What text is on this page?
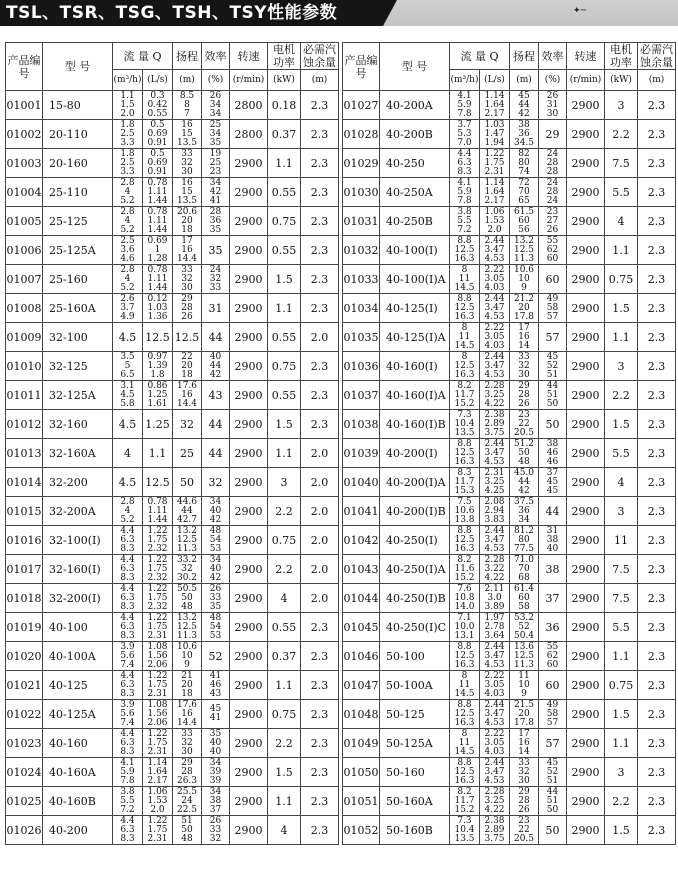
TSL、TSR、TSG、TSH、TSY性能参数	✦─
产品编号	型 号	流 量 Q		扬程	效率	转速	电机功率	必需汽蚀余量
		(m³/h)	(L/s)	(m)	(%)	(r/min)	(kW)	(m)
01001	15-80	1.1
1.5
2.0	0.3
0.42
0.55	8.5
8
7	26
34
34	2800	0.18	2.3
01002	20-110	1.8
2.5
3.3	0.5
0.69
0.91	16
15
13.5	25
34
35	2800	0.37	2.3
01003	20-160	1.8
2.5
3.3	0.5
0.69
0.91	33
32
30	19
25
23	2900	1.1	2.3
01004	25-110	2.8
4
5.2	0.78
1.11
1.44	16
15
13.5	34
42
41	2900	0.55	2.3
01005	25-125	2.8
4
5.2	0.78
1.11
1.44	20.6
20
18	28
36
35	2900	0.75	2.3
01006	25-125A	2.5
3.6
4.6	0.69
1
1.28	17
16
14.4	35	2900	0.55	2.3
01007	25-160	2.8
4
5.2	0.78
1.11
1.44	33
32
30	24
32
33	2900	1.5	2.3
01008	25-160A	2.6
3.7
4.9	0.12
1.03
1.36	29
28
26	31	2900	1.1	2.3
01009	32-100	4.5	12.5	12.5	44	2900	0.55	2.0
01010	32-125	3.5
5
6.5	0.97
1.39
1.8	22
20
18	40
44
42	2900	0.75	2.3
01011	32-125A	3.1
4.5
5.8	0.86
1.25
1.61	17.6
16
14.4	43	2900	0.55	2.3
01012	32-160	4.5	1.25	32	44	2900	1.5	2.3
01013	32-160A	4	1.1	25	44	2900	1.1	2.0
01014	32-200	4.5	12.5	50	32	2900	3	2.0
01015	32-200A	2.8
4
5.2	0.78
1.11
1.44	44.6
44
42.7	34
40
42	2900	2.2	2.0
01016	32-100(I)	4.4
6.3
8.3	1.22
1.75
2.32	13.2
12.5
11.3	48
54
53	2900	0.75	2.0
01017	32-160(I)	4.4
6.3
8.3	1.22
1.75
2.32	33.2
32
30.2	34
40
42	2900	2.2	2.0
01018	32-200(I)	4.4
6.3
8.3	1.22
1.75
2.32	50.5
50
48	26
33
35	2900	4	2.0
01019	40-100	4.4
6.3
8.3	1.22
1.75
2.31	13.2
12.5
11.3	48
54
53	2900	0.55	2.3
01020	40-100A	3.9
5.6
7.4	1.08
1.56
2.06	10.6
10
9	52	2900	0.37	2.3
01021	40-125	4.4
6.3
8.3	1.22
1.75
2.31	21
20
18	41
46
43	2900	1.1	2.3
01022	40-125A	3.9
5.6
7.4	1.08
1.56
2.06	17.6
16
14.4	45
41	2900	0.75	2.3
01023	40-160	4.4
6.3
8.3	1.22
1.75
2.31	33
32
30	35
40
40	2900	2.2	2.3
01024	40-160A	4.1
5.9
7.8	1.14
1.64
2.17	29
28
26.3	34
39
39	2900	1.5	2.3
01025	40-160B	3.8
5.5
7.2	1.06
1.53
2.0	25.5
24
22.5	34
38
37	2900	1.1	2.3
01026	40-200	4.4
6.3
8.3	1.22
1.75
2.31	51
50
48	26
33
32	2900	4	2.3
产品编号	型 号	流 量 Q		扬程	效率	转速	电机功率	必需汽蚀余量
		(m³/h)	(L/s)	(m)	(%)	(r/min)	(kW)	(m)
01027	40-200A	4.1
5.9
7.8	1.14
1.64
2.17	45
44
42	26
31
30	2900	3	2.3
01028	40-200B	3.7
5.3
7.0	1.03
1.47
1.94	38
36
34.5	29	2900	2.2	2.3
01029	40-250	4.4
6.3
8.3	1.22
1.75
2.31	82
80
74	24
28
28	2900	7.5	2.3
01030	40-250A	4.1
5.9
7.8	1.14
1.64
2.17	72
70
65	24
28
24	2900	5.5	2.3
01031	40-250B	3.8
5.5
7.2	1.06
1.53
2.0	61.5
60
56	23
27
26	2900	4	2.3
01032	40-100(I)	8.8
12.5
16.3	2.44
3.47
4.53	13.2
12.5
11.3	55
62
60	2900	1.1	2.3
01033	40-100(I)A	8
11
14.5	2.22
3.05
4.03	10.6
10
9	60	2900	0.75	2.3
01034	40-125(I)	8.8
12.5
16.3	2.44
3.47
4.53	21.2
20
17.8	49
58
57	2900	1.5	2.3
01035	40-125(I)A	8
11
14.5	2.22
3.05
4.03	17
16
14	57	2900	1.1	2.3
01036	40-160(I)	8
12.5
16.3	2.44
3.47
4.53	33
32
30	45
52
51	2900	3	2.3
01037	40-160(I)A	8.2
11.7
15.2	2.28
3.25
4.22	29
28
26	44
51
50	2900	2.2	2.3
01038	40-160(I)B	7.3
10.4
13.5	2.38
2.89
3.75	23
22
20.5	50	2900	1.5	2.3
01039	40-200(I)	8.8
12.5
16.3	2.44
3.47
4.53	51.2
50
48	38
46
46	2900	5.5	2.3
01040	40-200(I)A	8.3
11.7
15.3	2.31
3.25
4.25	45.0
44
42	37
45
45	2900	4	2.3
01041	40-200(I)B	7.5
10.6
13.8	2.08
2.94
3.83	37.5
36
34	44	2900	3	2.3
01042	40-250(I)	8.8
12.5
16.3	2.44
3.47
4.53	81.2
80
77.5	31
38
40	2900	11	2.3
01043	40-250(I)A	8.2
11.6
15.2	2.28
3.22
4.22	71.0
70
68	38	2900	7.5	2.3
01044	40-250(I)B	7.6
10.8
14.0	2.11
3.0
3.89	61.4
60
58	37	2900	7.5	2.3
01045	40-250(I)C	7.1
10.0
13.1	1.97
2.78
3.64	53.2
52
50.4	36	2900	5.5	2.3
01046	50-100	8.8
12.5
16.3	2.44
3.47
4.53	13.6
12.5
11.3	55
62
60	2900	1.1	2.3
01047	50-100A	8
11
14.5	2.22
3.05
4.03	11
10
9	60	2900	0.75	2.3
01048	50-125	8.8
12.5
16.3	2.44
3.47
4.53	21.5
20
17.8	49
58
57	2900	1.5	2.3
01049	50-125A	8
11
14.5	2.22
3.05
4.03	17
16
14	57	2900	1.1	2.3
01050	50-160	8.8
12.5
16.3	2.44
3.47
4.53	33
32
30	45
52
51	2900	3	2.3
01051	50-160A	8.2
11.7
15.2	2.28
3.25
4.22	29
28
26	44
51
50	2900	2.2	2.3
01052	50-160B	7.3
10.4
13.5	2.38
2.89
3.75	23
22
20.5	50	2900	1.5	2.3
